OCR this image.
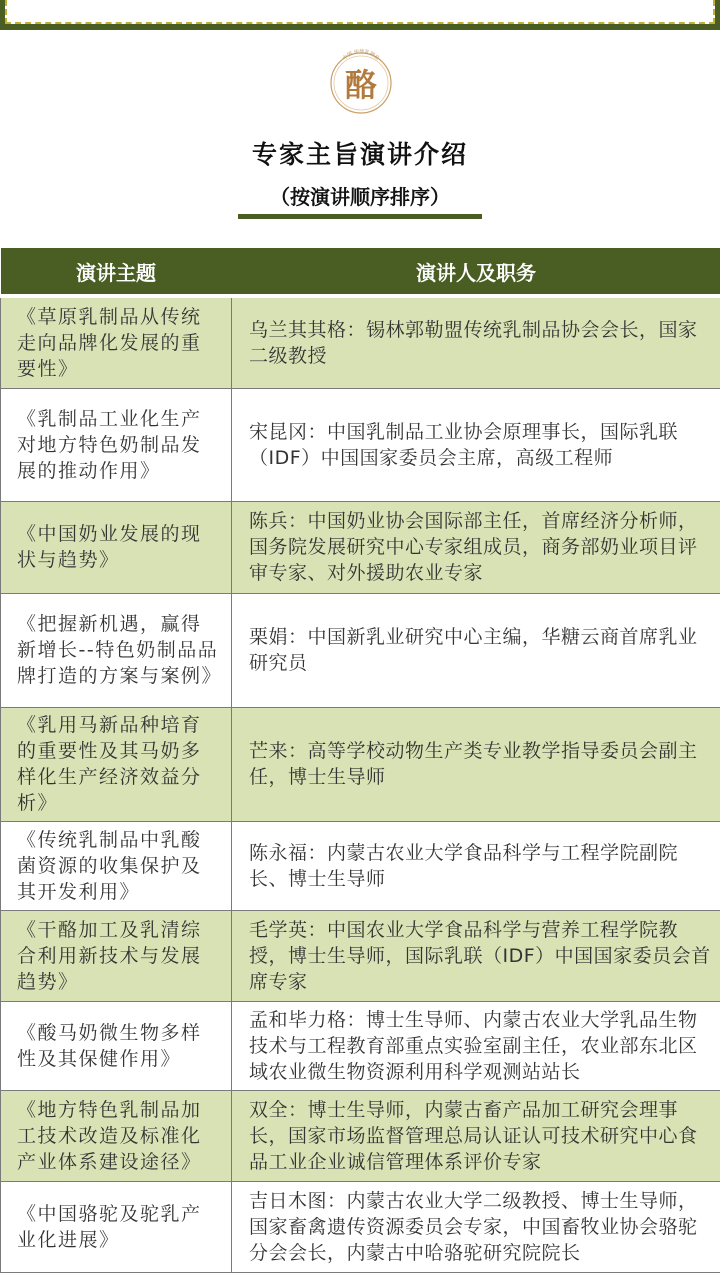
中国 传统乳制品
酪
专家主旨演讲介绍
（按演讲顺序排序）
演讲主题	演讲人及职务
《草原乳制品从传统走向品牌化发展的重要性》	乌兰其其格：锡林郭勒盟传统乳制品协会会长，国家二级教授
《乳制品工业化生产对地方特色奶制品发展的推动作用》	宋昆冈：中国乳制品工业协会原理事长，国际乳联（IDF）中国国家委员会主席，高级工程师
《中国奶业发展的现状与趋势》	陈兵：中国奶业协会国际部主任，首席经济分析师，国务院发展研究中心专家组成员，商务部奶业项目评审专家、对外援助农业专家
《把握新机遇，赢得新增长--特色奶制品品牌打造的方案与案例》	栗娟：中国新乳业研究中心主编，华糖云商首席乳业研究员
《乳用马新品种培育的重要性及其马奶多样化生产经济效益分析》	芒来：高等学校动物生产类专业教学指导委员会副主任，博士生导师
《传统乳制品中乳酸菌资源的收集保护及其开发利用》	陈永福：内蒙古农业大学食品科学与工程学院副院长、博士生导师
《干酪加工及乳清综合利用新技术与发展趋势》	毛学英：中国农业大学食品科学与营养工程学院教授，博士生导师，国际乳联（IDF）中国国家委员会首席专家
《酸马奶微生物多样性及其保健作用》	孟和毕力格：博士生导师、内蒙古农业大学乳品生物技术与工程教育部重点实验室副主任，农业部东北区域农业微生物资源利用科学观测站站长
《地方特色乳制品加工技术改造及标准化产业体系建设途径》	双全：博士生导师，内蒙古畜产品加工研究会理事长，国家市场监督管理总局认证认可技术研究中心食品工业企业诚信管理体系评价专家
《中国骆驼及驼乳产业化进展》	吉日木图：内蒙古农业大学二级教授、博士生导师，国家畜禽遗传资源委员会专家，中国畜牧业协会骆驼分会会长，内蒙古中哈骆驼研究院院长
